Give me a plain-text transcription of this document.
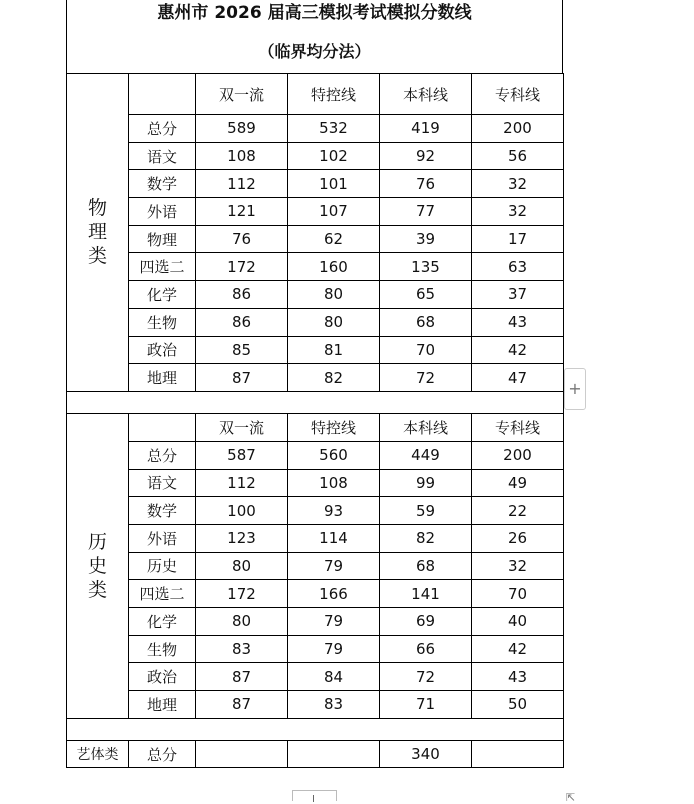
惠州市 2026 届高三模拟考试模拟分数线
（临界均分法）
物理类		双一流	特控线	本科线	专科线
	总分	589	532	419	200
	语文	108	102	92	56
	数学	112	101	76	32
	外语	121	107	77	32
	物理	76	62	39	17
	四选二	172	160	135	63
	化学	86	80	65	37
	生物	86	80	68	43
	政治	85	81	70	42
	地理	87	82	72	47

历史类		双一流	特控线	本科线	专科线
	总分	587	560	449	200
	语文	112	108	99	49
	数学	100	93	59	22
	外语	123	114	82	26
	历史	80	79	68	32
	四选二	172	166	141	70
	化学	80	79	69	40
	生物	83	79	66	42
	政治	87	84	72	43
	地理	87	83	71	50

艺体类	总分			340	
+
⇱
